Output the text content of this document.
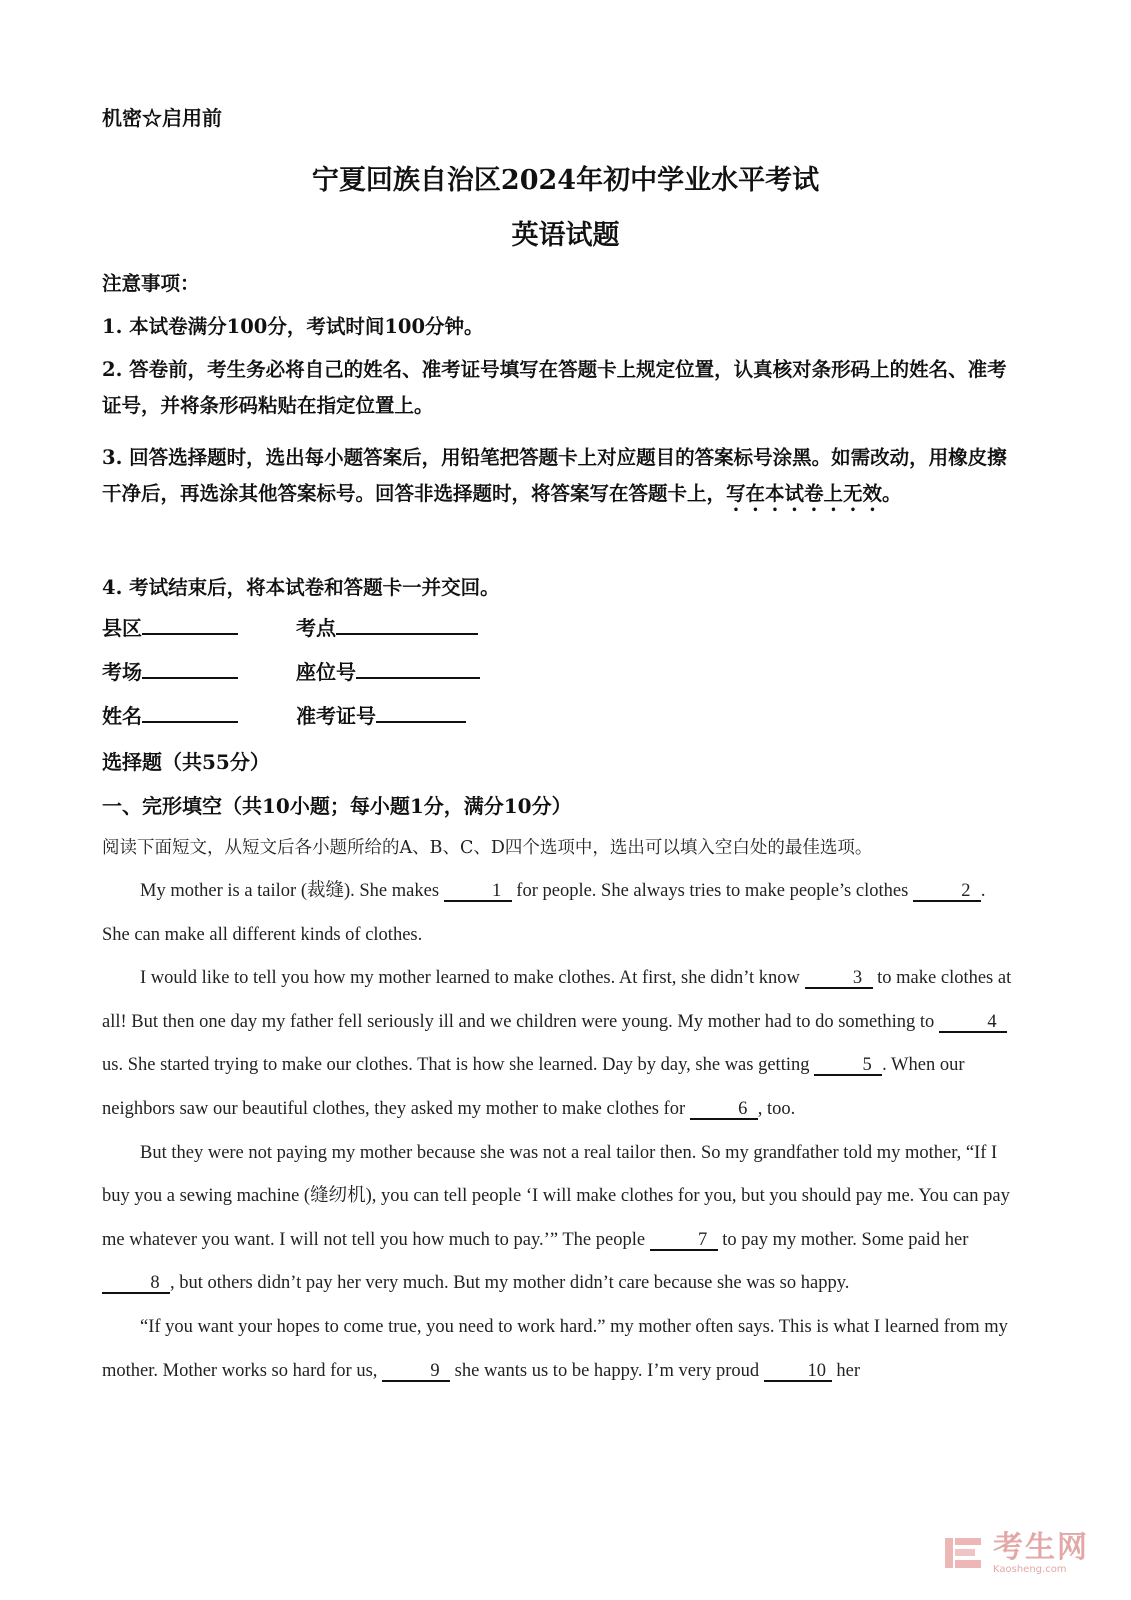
机密☆启用前
宁夏回族自治区2024年初中学业水平考试
英语试题
注意事项：
1. 本试卷满分100分，考试时间100分钟。
2. 答卷前，考生务必将自己的姓名、准考证号填写在答题卡上规定位置，认真核对条形码上的姓名、准考证号，并将条形码粘贴在指定位置上。
3. 回答选择题时，选出每小题答案后，用铅笔把答题卡上对应题目的答案标号涂黑。如需改动，用橡皮擦干净后，再选涂其他答案标号。回答非选择题时，将答案写在答题卡上，写在本试卷上无效。
4. 考试结束后，将本试卷和答题卡一并交回。
县区	考点
考场	座位号
姓名	准考证号
选择题（共55分）
一、完形填空（共10小题；每小题1分，满分10分）
阅读下面短文，从短文后各小题所给的A、B、C、D四个选项中，选出可以填入空白处的最佳选项。

My mother is a tailor (裁缝). She makes	1 for people. She always tries to make people’s clothes	2 . She can make all different kinds of clothes.

I would like to tell you how my mother learned to make clothes. At first, she didn’t know	3 to make clothes at all! But then one day my father fell seriously ill and we children were young. My mother had to do something to	4 us. She started trying to make our clothes. That is how she learned. Day by day, she was getting	5 . When our neighbors saw our beautiful clothes, they asked my mother to make clothes for	6 , too.

But they were not paying my mother because she was not a real tailor then. So my grandfather told my mother, “If I buy you a sewing machine (缝纫机), you can tell people ‘I will make clothes for you, but you should pay me. You can pay me whatever you want. I will not tell you how much to pay.’” The people	7 to pay my mother. Some paid her 8 , but others didn’t pay her very much. But my mother didn’t care because she was so happy.

“If you want your hopes to come true, you need to work hard.” my mother often says. This is what I learned from my mother. Mother works so hard for us,	9 she wants us to be happy. I’m very proud 10 her

考生网
Kaosheng.com
